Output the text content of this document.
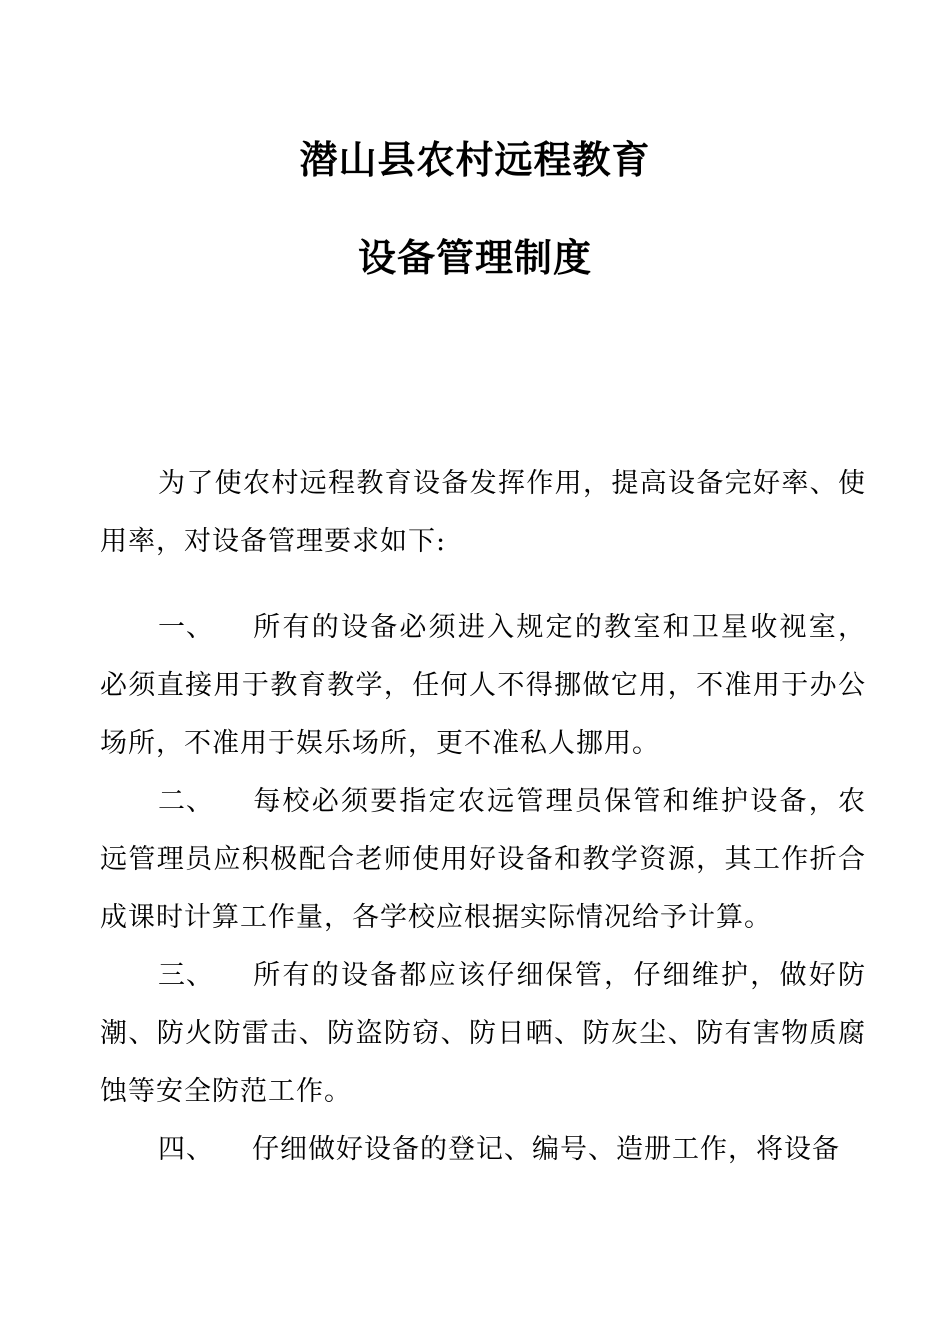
潜山县农村远程教育
设备管理制度

为了使农村远程教育设备发挥作用，提高设备完好率、使用率，对设备管理要求如下:

一、 所有的设备必须进入规定的教室和卫星收视室，必须直接用于教育教学，任何人不得挪做它用，不准用于办公场所，不准用于娱乐场所，更不准私人挪用。

二、 每校必须要指定农远管理员保管和维护设备，农远管理员应积极配合老师使用好设备和教学资源，其工作折合成课时计算工作量，各学校应根据实际情况给予计算。

三、 所有的设备都应该仔细保管，仔细维护，做好防潮、防火防雷击、防盗防窃、防日晒、防灰尘、防有害物质腐蚀等安全防范工作。

四、 仔细做好设备的登记、编号、造册工作，将设备
